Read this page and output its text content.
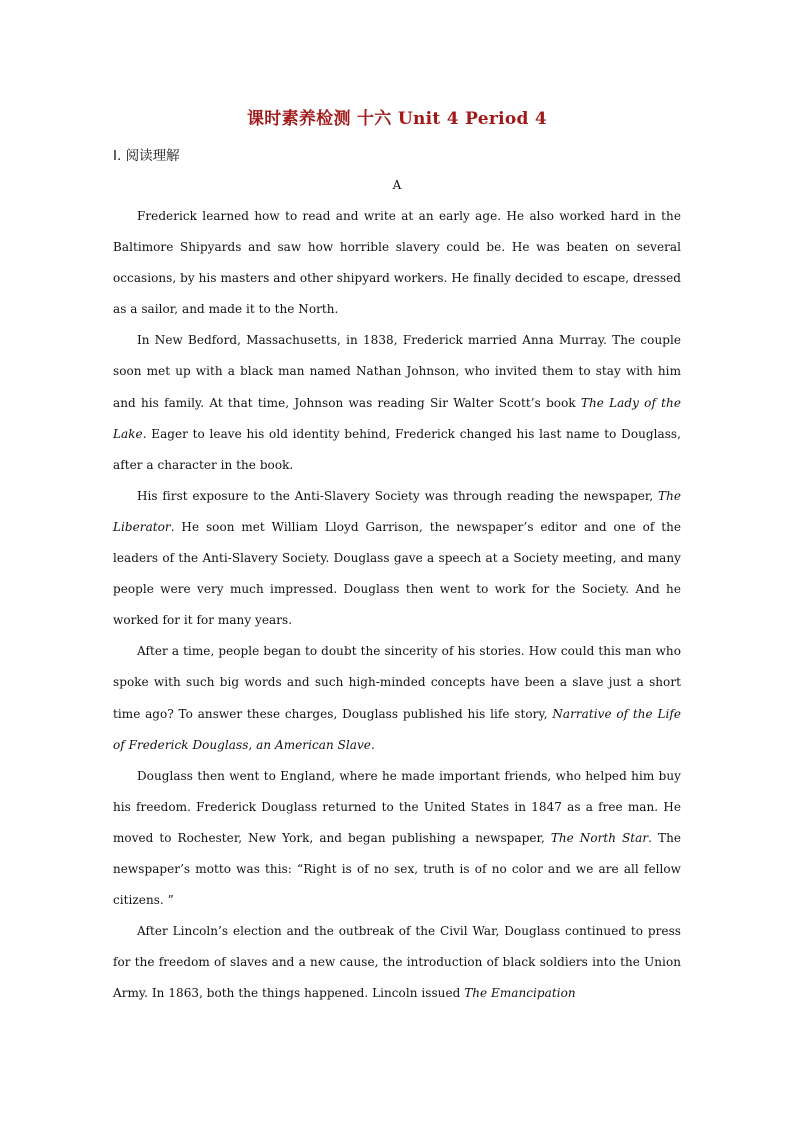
课时素养检测 十六 Unit 4 Period 4
Ⅰ. 阅读理解
A

Frederick learned how to read and write at an early age. He also worked hard in the Baltimore Shipyards and saw how horrible slavery could be. He was beaten on several occasions, by his masters and other shipyard workers. He finally decided to escape, dressed as a sailor, and made it to the North.

In New Bedford, Massachusetts, in 1838, Frederick married Anna Murray. The couple soon met up with a black man named Nathan Johnson, who invited them to stay with him and his family. At that time, Johnson was reading Sir Walter Scott’s book The Lady of the Lake. Eager to leave his old identity behind, Frederick changed his last name to Douglass, after a character in the book.

His first exposure to the Anti-Slavery Society was through reading the newspaper, The Liberator. He soon met William Lloyd Garrison, the newspaper’s editor and one of the leaders of the Anti-Slavery Society. Douglass gave a speech at a Society meeting, and many people were very much impressed. Douglass then went to work for the Society. And he worked for it for many years.

After a time, people began to doubt the sincerity of his stories. How could this man who spoke with such big words and such high-minded concepts have been a slave just a short time ago? To answer these charges, Douglass published his life story, Narrative of the Life of Frederick Douglass, an American Slave.

Douglass then went to England, where he made important friends, who helped him buy his freedom. Frederick Douglass returned to the United States in 1847 as a free man. He moved to Rochester, New York, and began publishing a newspaper, The North Star. The newspaper’s motto was this: “Right is of no sex, truth is of no color and we are all fellow citizens. ”

After Lincoln’s election and the outbreak of the Civil War, Douglass continued to press for the freedom of slaves and a new cause, the introduction of black soldiers into the Union Army. In 1863, both the things happened. Lincoln issued The Emancipation
